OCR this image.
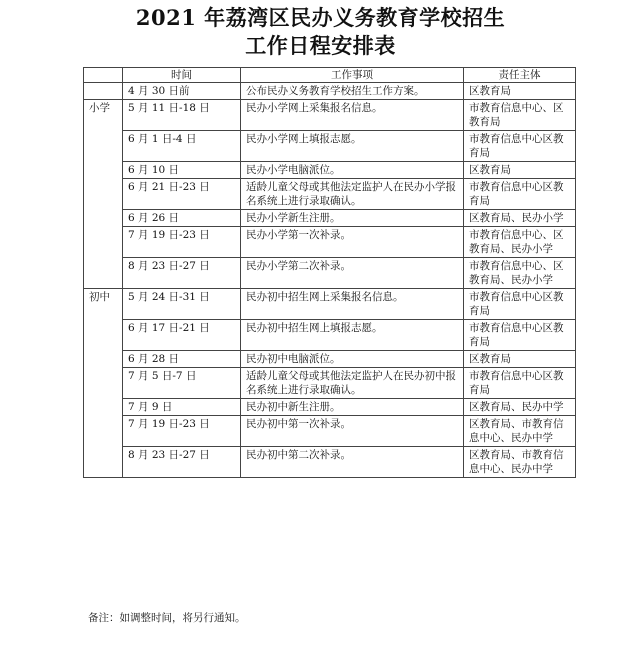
2021 年荔湾区民办义务教育学校招生
工作日程安排表
	时间	工作事项	责任主体
	4 月 30 日前	公布民办义务教育学校招生工作方案。	区教育局
小学	5 月 11 日-18 日	民办小学网上采集报名信息。	市教育信息中心、区教育局
	6 月 1 日-4 日	民办小学网上填报志愿。	市教育信息中心区教育局
	6 月 10 日	民办小学电脑派位。	区教育局
	6 月 21 日-23 日	适龄儿童父母或其他法定监护人在民办小学报名系统上进行录取确认。	市教育信息中心区教育局
	6 月 26 日	民办小学新生注册。	区教育局、民办小学
	7 月 19 日-23 日	民办小学第一次补录。	市教育信息中心、区教育局、民办小学
	8 月 23 日-27 日	民办小学第二次补录。	市教育信息中心、区教育局、民办小学
初中	5 月 24 日-31 日	民办初中招生网上采集报名信息。	市教育信息中心区教育局
	6 月 17 日-21 日	民办初中招生网上填报志愿。	市教育信息中心区教育局
	6 月 28 日	民办初中电脑派位。	区教育局
	7 月 5 日-7 日	适龄儿童父母或其他法定监护人在民办初中报名系统上进行录取确认。	市教育信息中心区教育局
	7 月 9 日	民办初中新生注册。	区教育局、民办中学
	7 月 19 日-23 日	民办初中第一次补录。	区教育局、市教育信息中心、民办中学
	8 月 23 日-27 日	民办初中第二次补录。	区教育局、市教育信息中心、民办中学
备注：如调整时间，将另行通知。
